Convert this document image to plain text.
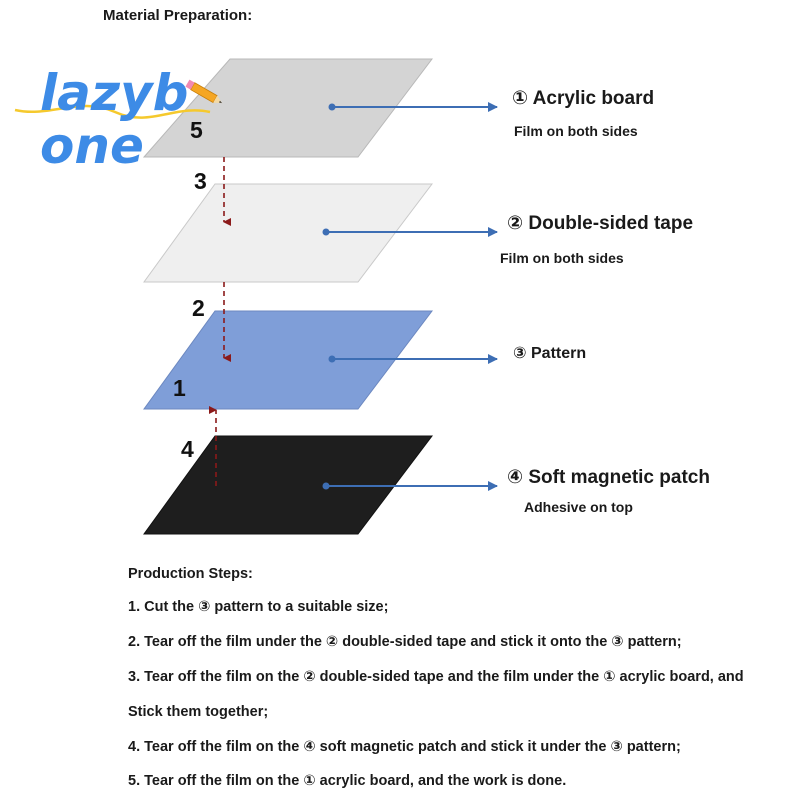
lazyb
one
Material Preparation:
① Acrylic board
Film on both sides
② Double-sided tape
Film on both sides
③ Pattern
④ Soft magnetic patch
Adhesive on top
5
3
2
1
4
Production Steps:
1. Cut the ③ pattern to a suitable size;
2. Tear off the film under the ② double-sided tape and stick it onto the ③ pattern;
3. Tear off the film on the ② double-sided tape and the film under the ① acrylic board, and
Stick them together;
4. Tear off the film on the ④ soft magnetic patch and stick it under the ③ pattern;
5. Tear off the film on the ① acrylic board, and the work is done.
